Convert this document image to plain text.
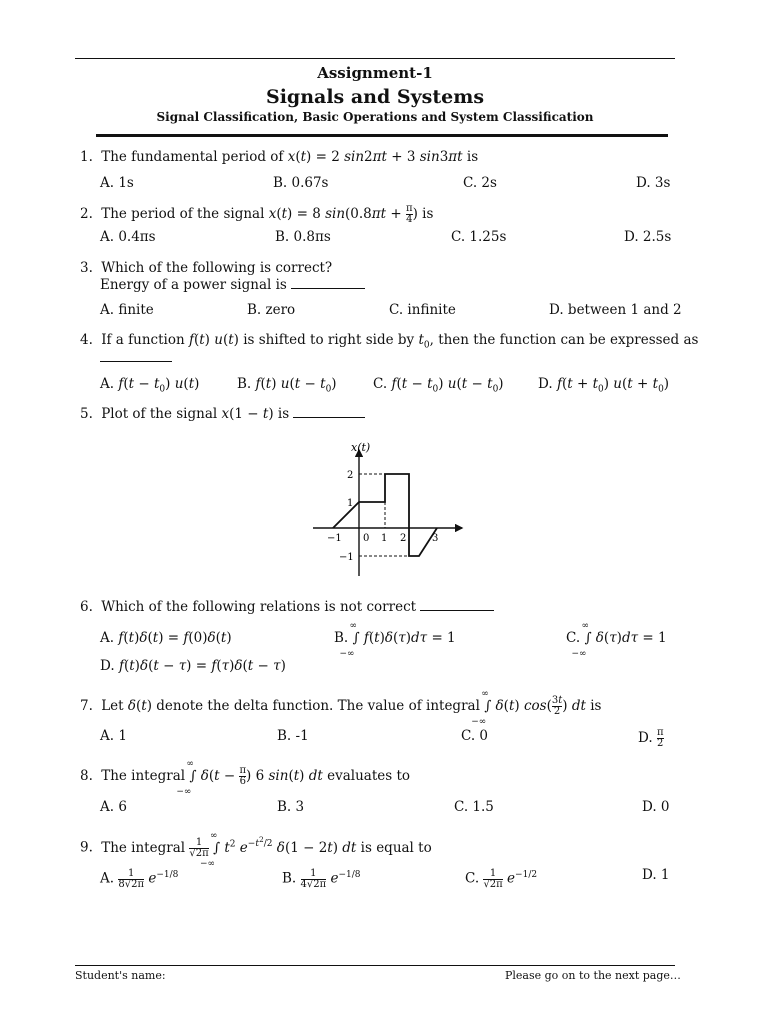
Assignment-1
Signals and Systems
Signal Classification, Basic Operations and System Classification
1. The fundamental period of x(t) = 2 sin2πt + 3 sin3πt is
A. 1s	B. 0.67s	C. 2s	D. 3s
2. The period of the signal x(t) = 8 $\sin(0.8\pi t + \frac{\pi}{4}$ ) is
A. 0.4πs	B. 0.8πs	C. 1.25s	D. 2.5s
3. Which of the following is correct?
Energy of a power signal is
A. finite	B. zero	C. infinite	D. between 1 and 2
4. If a function f(t) u(t) is shifted to right side by $t_0$, then the function can be expressed as
A. $f(t - t_0)$ u(t)	B. f(t) $u(t - t_0)$	C. $f(t - t_0)$ $u(t - t_0)$	D. $f(t + t_0)$ $u(t + t_0)$
5. Plot of the signal x(1 − t) is
x(t)
2
1
−1
−1 0 1 2	3
6. Which of the following relations is not correct
A. f(t)δ(t) = f(0)δ(t)	B. ∫
∞
−∞
f(t)δ(τ)dτ = 1	C. ∫
∞
−∞
δ(τ)dτ = 1
D. f(t)δ(t − τ) = f(τ)δ(t − τ)
7. Let δ(t) denote the delta function. The value of integral ∫
∞
−∞
δ(t) $\cos( \frac{3t}{2}$ ) dt is
A. 1	B. -1	C. 0	D. $\frac{\pi}{2}$
8. The integral ∫
∞
−∞
$\delta(t - \frac{\pi}{6}$ ) 6 sin(t) dt evaluates to
A. 6	B. 3	C. 1.5	D. 0
9. The integral $\frac{1}{√2\pi}$ ∫
∞
−∞
$t^2$ $e^{-t^2/2}$ δ(1 − 2t) dt is equal to
A. $\frac{1}{8√2\pi} e^{-1/8}$	B. $\frac{1}{4√2\pi} e^{-1/8}$	C. $\frac{1}{√2\pi} e^{-1/2}$	D. 1
Student's name:	Please go on to the next page…
